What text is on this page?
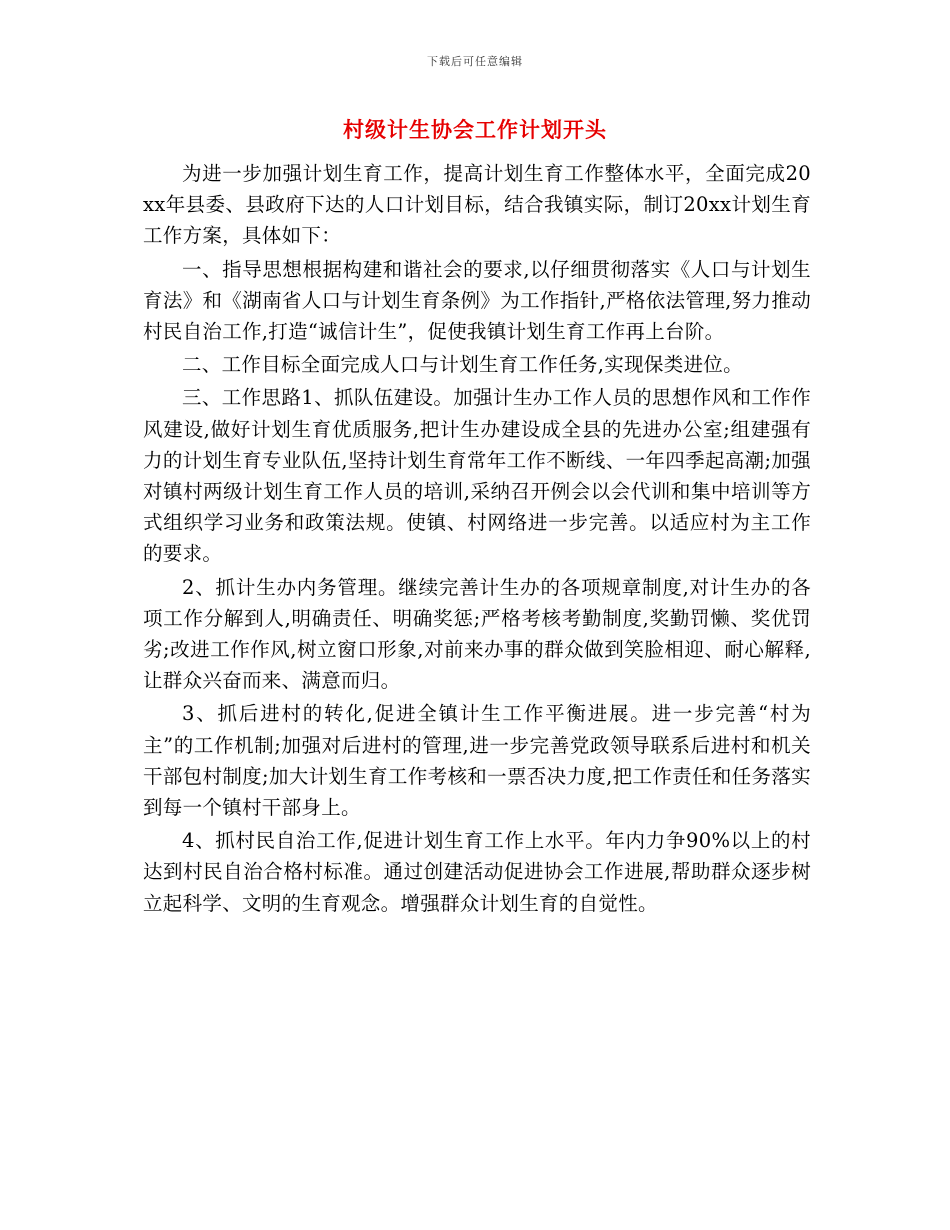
下载后可任意编辑
村级计生协会工作计划开头

为进一步加强计划生育工作，提高计划生育工作整体水平，全面完成20xx年县委、县政府下达的人口计划目标，结合我镇实际，制订20xx计划生育工作方案，具体如下：

一、指导思想根据构建和谐社会的要求,以仔细贯彻落实《人口与计划生育法》和《湖南省人口与计划生育条例》为工作指针,严格依法管理,努力推动村民自治工作,打造“诚信计生”，促使我镇计划生育工作再上台阶。

二、工作目标全面完成人口与计划生育工作任务,实现保类进位。

三、工作思路1、抓队伍建设。加强计生办工作人员的思想作风和工作作风建设,做好计划生育优质服务,把计生办建设成全县的先进办公室;组建强有力的计划生育专业队伍,坚持计划生育常年工作不断线、一年四季起高潮;加强对镇村两级计划生育工作人员的培训,采纳召开例会以会代训和集中培训等方式组织学习业务和政策法规。使镇、村网络进一步完善。以适应村为主工作的要求。

2、抓计生办内务管理。继续完善计生办的各项规章制度,对计生办的各项工作分解到人,明确责任、明确奖惩;严格考核考勤制度,奖勤罚懒、奖优罚劣;改进工作作风,树立窗口形象,对前来办事的群众做到笑脸相迎、耐心解释,让群众兴奋而来、满意而归。

3、抓后进村的转化,促进全镇计生工作平衡进展。进一步完善“村为主”的工作机制;加强对后进村的管理,进一步完善党政领导联系后进村和机关干部包村制度;加大计划生育工作考核和一票否决力度,把工作责任和任务落实到每一个镇村干部身上。

4、抓村民自治工作,促进计划生育工作上水平。年内力争90%以上的村达到村民自治合格村标准。通过创建活动促进协会工作进展,帮助群众逐步树立起科学、文明的生育观念。增强群众计划生育的自觉性。
